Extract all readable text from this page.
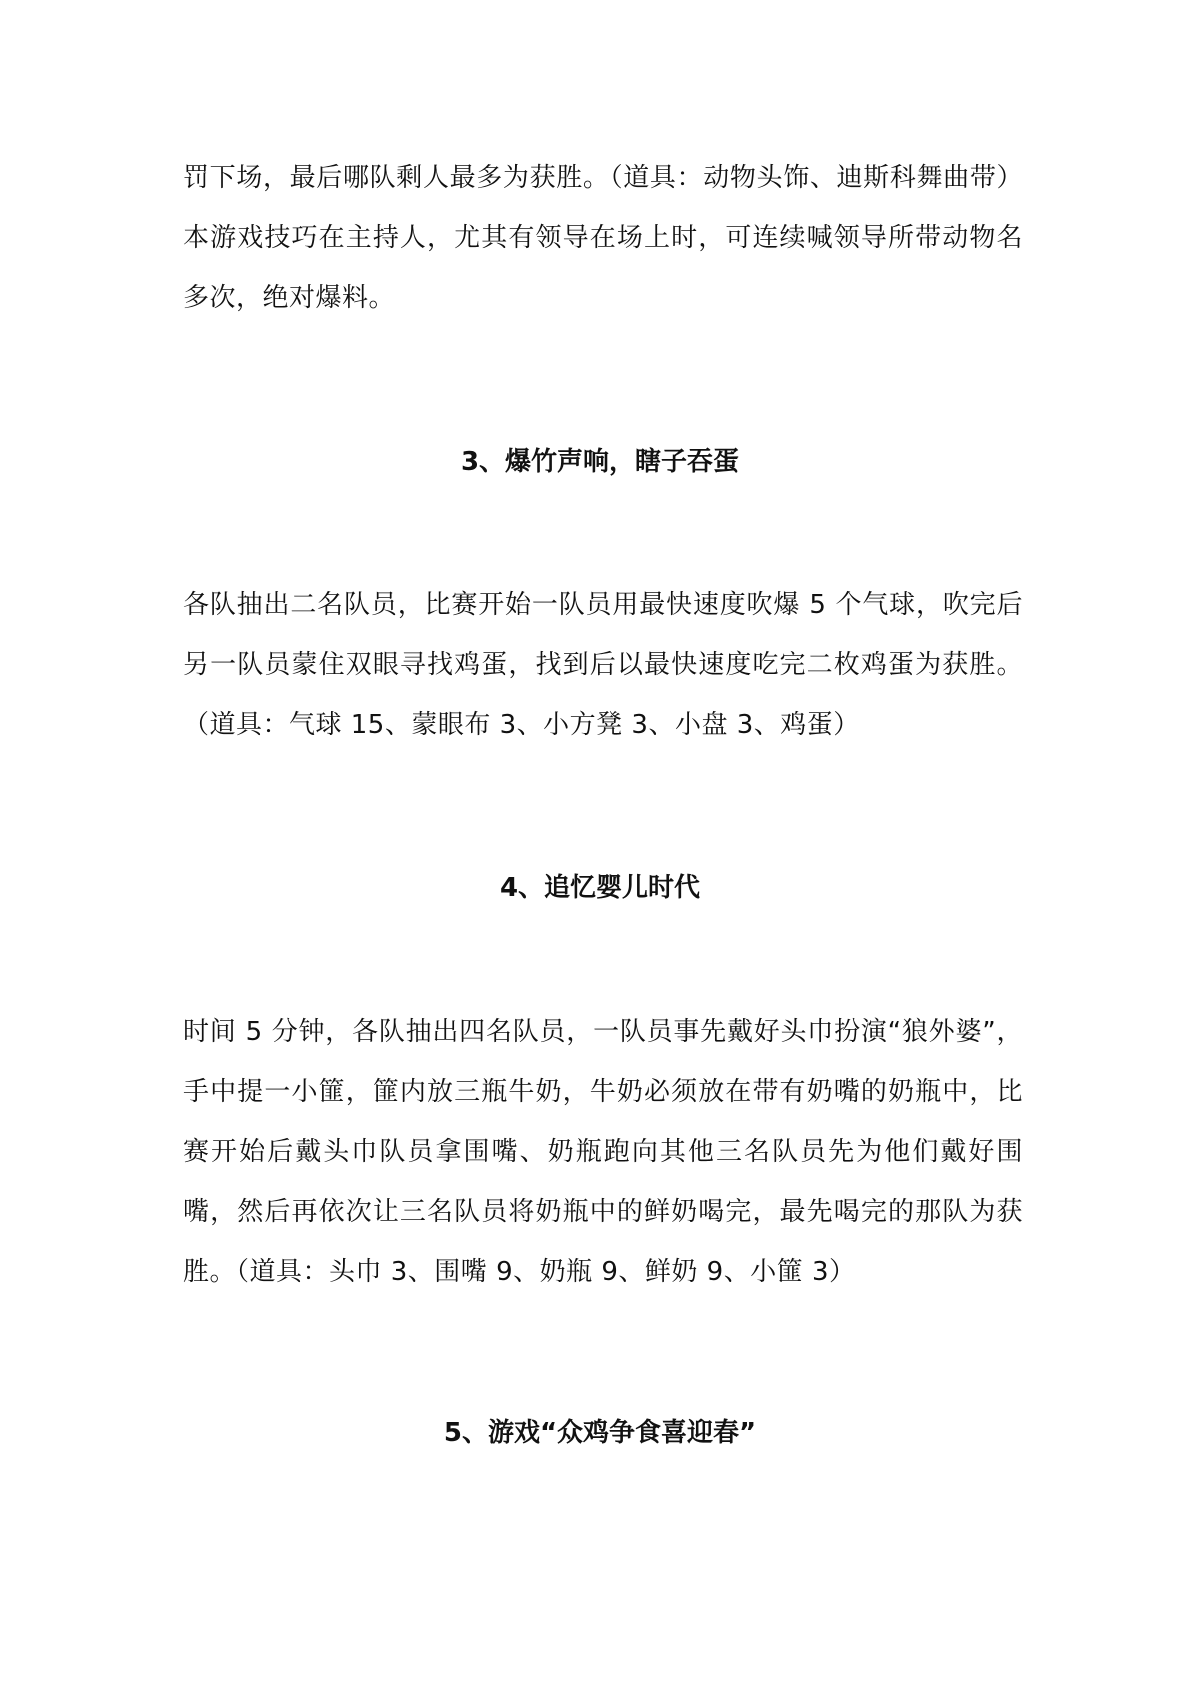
罚下场，最后哪队剩人最多为获胜。（道具：动物头饰、迪斯科舞曲带）本游戏技巧在主持人，尤其有领导在场上时，可连续喊领导所带动物名多次，绝对爆料。

3、爆竹声响，瞎子吞蛋

各队抽出二名队员，比赛开始一队员用最快速度吹爆 5 个气球，吹完后另一队员蒙住双眼寻找鸡蛋，找到后以最快速度吃完二枚鸡蛋为获胜。（道具：气球 15、蒙眼布 3、小方凳 3、小盘 3、鸡蛋）

4、追忆婴儿时代

时间 5 分钟，各队抽出四名队员，一队员事先戴好头巾扮演“狼外婆”，手中提一小篚，篚内放三瓶牛奶，牛奶必须放在带有奶嘴的奶瓶中，比赛开始后戴头巾队员拿围嘴、奶瓶跑向其他三名队员先为他们戴好围嘴，然后再依次让三名队员将奶瓶中的鲜奶喝完，最先喝完的那队为获胜。（道具：头巾 3、围嘴 9、奶瓶 9、鲜奶 9、小篚 3）

5、游戏“众鸡争食喜迎春”
